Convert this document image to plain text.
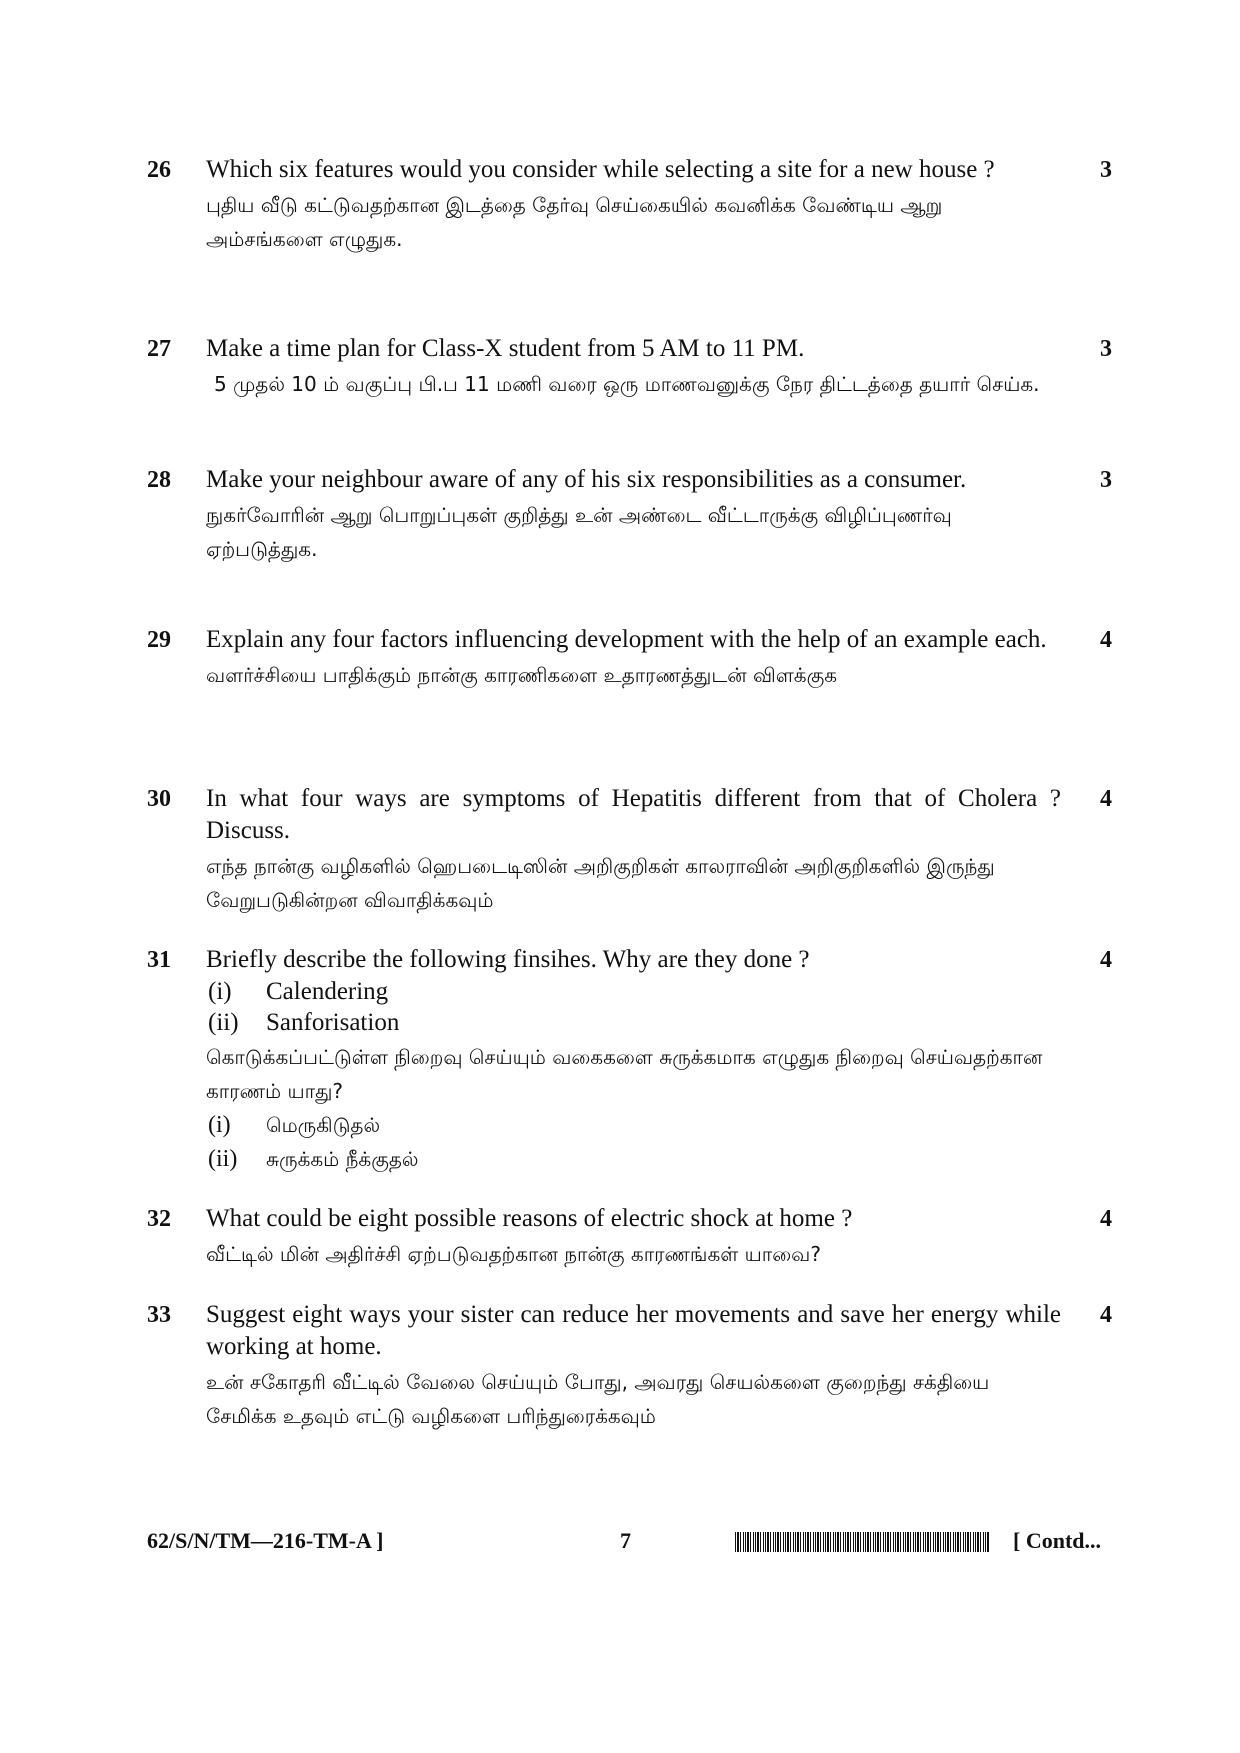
26 Which six features would you consider while selecting a site for a new house ?
புதிய வீடு கட்டுவதற்கான இடத்தை தேர்வு செய்கையில் கவனிக்க வேண்டிய ஆறு அம்சங்களை எழுதுக.
3
27 Make a time plan for Class-X student from 5 AM to 11 PM.
5 முதல் 10 ம் வகுப்பு பி.ப 11 மணி வரை ஒரு மாணவனுக்கு நேர திட்டத்தை தயார் செய்க.
3
28 Make your neighbour aware of any of his six responsibilities as a consumer.
நுகர்வோரின் ஆறு பொறுப்புகள் குறித்து உன் அண்டை வீட்டாருக்கு விழிப்புணர்வு ஏற்படுத்துக.
3
29 Explain any four factors influencing development with the help of an example each.
வளர்ச்சியை பாதிக்கும் நான்கு காரணிகளை உதாரணத்துடன் விளக்குக
4
30 In what four ways are symptoms of Hepatitis different from that of Cholera ? Discuss.
எந்த நான்கு வழிகளில் ஹெபடைடிஸின் அறிகுறிகள் காலராவின் அறிகுறிகளில் இருந்து வேறுபடுகின்றன விவாதிக்கவும்
4
31 Briefly describe the following finsihes. Why are they done ?
(i)	Calendering
(ii)	Sanforisation
கொடுக்கப்பட்டுள்ள நிறைவு செய்யும் வகைகளை சுருக்கமாக எழுதுக நிறைவு செய்வதற்கான காரணம் யாது?
(i)	மெருகிடுதல்
(ii)	சுருக்கம் நீக்குதல்
4
32 What could be eight possible reasons of electric shock at home ?
வீட்டில் மின் அதிர்ச்சி ஏற்படுவதற்கான நான்கு காரணங்கள் யாவை?
4
33 Suggest eight ways your sister can reduce her movements and save her energy while working at home.
உன் சகோதரி வீட்டில் வேலை செய்யும் போது, அவரது செயல்களை குறைந்து சக்தியை சேமிக்க உதவும் எட்டு வழிகளை பரிந்துரைக்கவும்
4
62/S/N/TM—216-TM-A ]	7	[ Contd...
